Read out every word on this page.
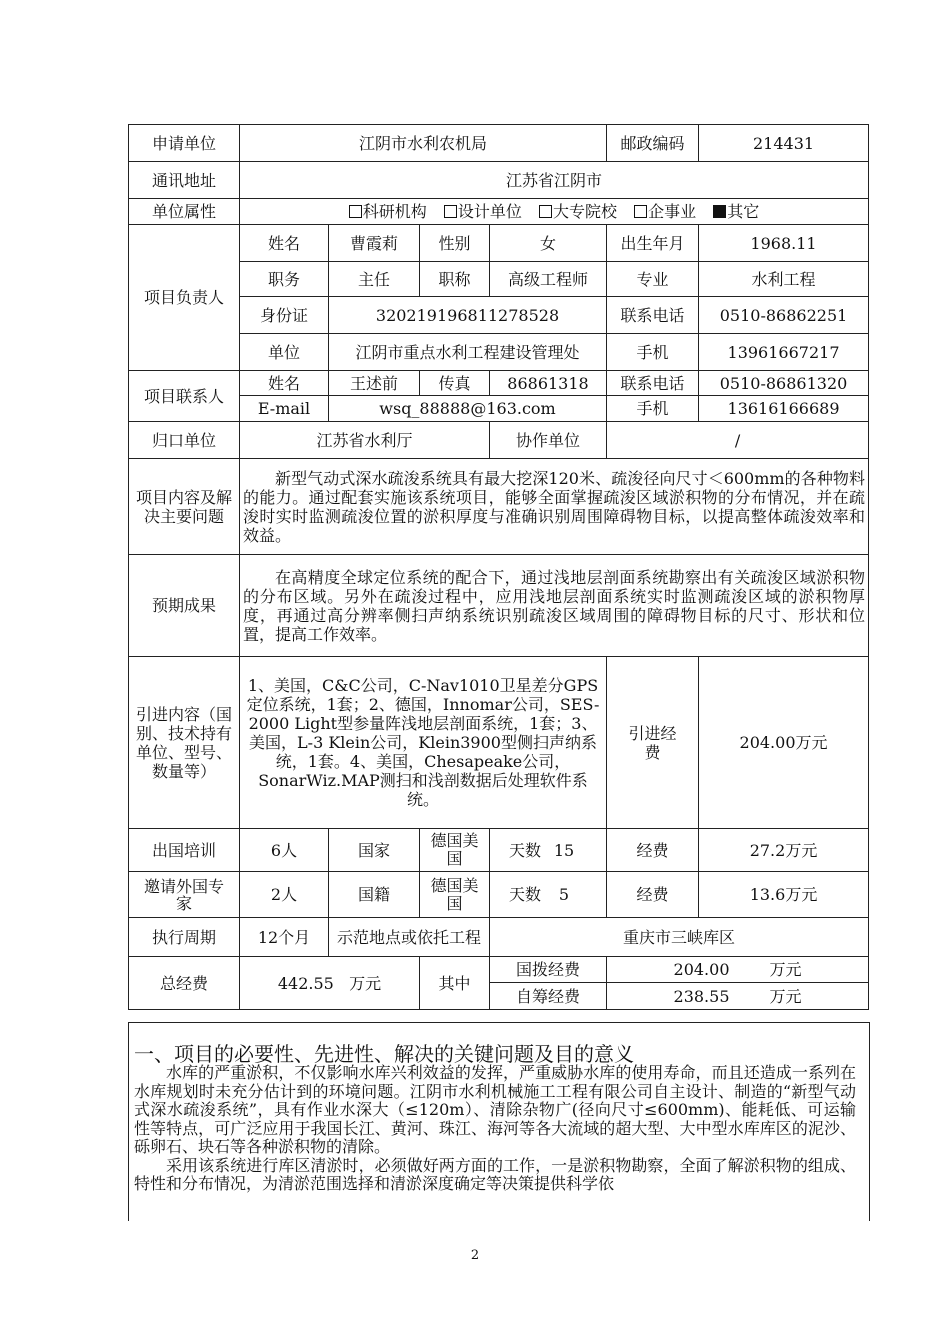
申请单位	江阴市水利农机局				邮政编码	214431
通讯地址	江苏省江阴市					
单位属性	科研机构 设计单位 大专院校 企事业 其它					
项目负责人	姓名	曹霞莉	性别	女	出生年月	1968.11
	职务	主任	职称	高级工程师	专业	水利工程
	身份证	320219196811278528			联系电话	0510-86862251
	单位	江阴市重点水利工程建设管理处			手机	13961667217
项目联系人	姓名	王述前	传真	86861318	联系电话	0510-86861320
	E-mail	wsq_88888@163.com			手机	13616166689
归口单位	江苏省水利厅			协作单位	/	
项目内容及解决主要问题	新型气动式深水疏浚系统具有最大挖深120米、疏浚径向尺寸＜600mm的各种物料的能力。通过配套实施该系统项目，能够全面掌握疏浚区域淤积物的分布情况，并在疏浚时实时监测疏浚位置的淤积厚度与准确识别周围障碍物目标，以提高整体疏浚效率和效益。					

预期成果	在高精度全球定位系统的配合下，通过浅地层剖面系统勘察出有关疏浚区域淤积物的分布区域。另外在疏浚过程中，应用浅地层剖面系统实时监测疏浚区域的淤积物厚度，再通过高分辨率侧扫声纳系统识别疏浚区域周围的障碍物目标的尺寸、形状和位置，提高工作效率。					

引进内容（国别、技术持有单位、型号、数量等）	1、美国，C&C公司，C-Nav1010卫星差分GPS定位系统，1套；2、德国，Innomar公司，SES-2000 Light型参量阵浅地层剖面系统，1套；3、美国，L-3 Klein公司，Klein3900型侧扫声纳系统，1套。4、美国，Chesapeake公司，SonarWiz.MAP测扫和浅剖数据后处理软件系统。				引进经费	204.00万元
出国培训	6人	国家	德国美国	天数 15	经费	27.2万元
邀请外国专家	2人	国籍	德国美国	天数 5	经费	13.6万元
执行周期	12个月	示范地点或依托工程		重庆市三峡库区		
总经费	442.55 万元		其中	国拨经费	204.00 万元	
				自筹经费	238.55 万元	
一、项目的必要性、先进性、解决的关键问题及目的意义

水库的严重淤积，不仅影响水库兴利效益的发挥，严重威胁水库的使用寿命，而且还造成一系列在水库规划时未充分估计到的环境问题。江阴市水利机械施工工程有限公司自主设计、制造的“新型气动式深水疏浚系统”，具有作业水深大（≤120m）、清除杂物广(径向尺寸≤600mm)、能耗低、可运输性等特点，可广泛应用于我国长江、黄河、珠江、海河等各大流域的超大型、大中型水库库区的泥沙、砾卵石、块石等各种淤积物的清除。

采用该系统进行库区清淤时，必须做好两方面的工作，一是淤积物勘察，全面了解淤积物的组成、特性和分布情况，为清淤范围选择和清淤深度确定等决策提供科学依

2
